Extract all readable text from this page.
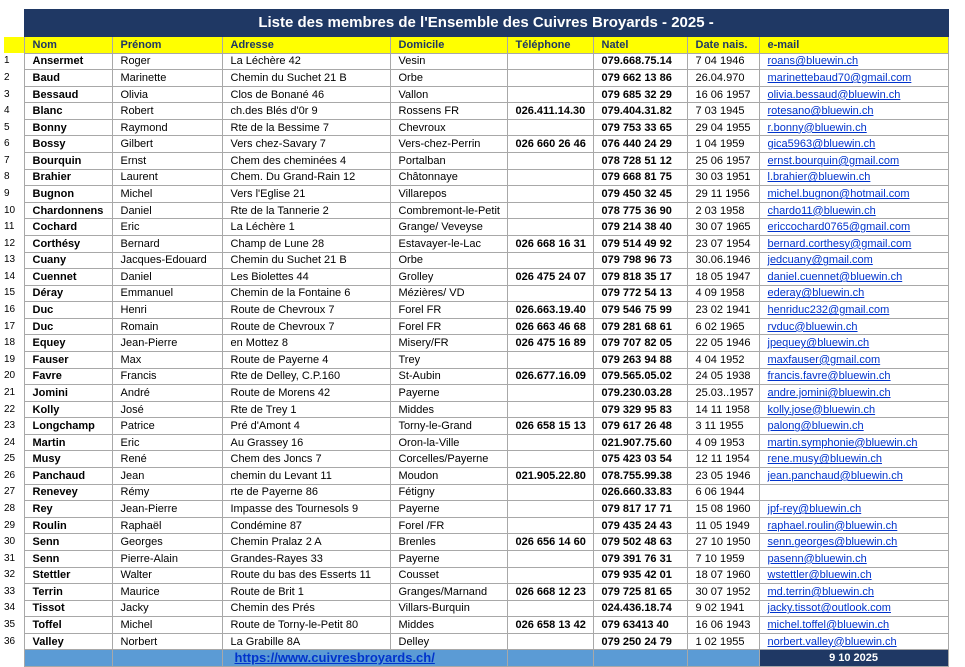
	Liste des membres de l'Ensemble des Cuivres Broyards - 2025 -							
	Nom	Prénom	Adresse	Domicile	Téléphone	Natel	Date nais.	e-mail
1	Ansermet	Roger	La Léchère 42	Vesin		079.668.75.14	7 04 1946	roans@bluewin.ch
2	Baud	Marinette	Chemin du Suchet 21 B	Orbe		079 662 13 86	26.04.970	marinettebaud70@gmail.com
3	Bessaud	Olivia	Clos de Bonané 46	Vallon		079 685 32 29	16 06 1957	olivia.bessaud@bluewin.ch
4	Blanc	Robert	ch.des Blés d'0r 9	Rossens FR	026.411.14.30	079.404.31.82	7 03 1945	rotesano@bluewin.ch
5	Bonny	Raymond	Rte de la Bessime 7	Chevroux		079 753 33 65	29 04 1955	r.bonny@bluewin.ch
6	Bossy	Gilbert	Vers chez-Savary 7	Vers-chez-Perrin	026 660 26 46	076 440 24 29	1 04 1959	gica5963@bluewin.ch
7	Bourquin	Ernst	Chem des cheminées 4	Portalban		078 728 51 12	25 06 1957	ernst.bourquin@gmail.com
8	Brahier	Laurent	Chem. Du Grand-Rain 12	Châtonnaye		079 668 81 75	30 03 1951	l.brahier@bluewin.ch
9	Bugnon	Michel	Vers l'Eglise 21	Villarepos		079 450 32 45	29 11 1956	michel.bugnon@hotmail.com
10	Chardonnens	Daniel	Rte de la Tannerie 2	Combremont-le-Petit		078 775 36 90	2 03 1958	chardo11@bluewin.ch
11	Cochard	Eric	La Léchère 1	Grange/ Veveyse		079 214 38 40	30 07 1965	ericcochard0765@gmail.com
12	Corthésy	Bernard	Champ de Lune 28	Estavayer-le-Lac	026 668 16 31	079 514 49 92	23 07 1954	bernard.corthesy@gmail.com
13	Cuany	Jacques-Edouard	Chemin du Suchet 21 B	Orbe		079 798 96 73	30.06.1946	jedcuany@gmail.com
14	Cuennet	Daniel	Les Biolettes 44	Grolley	026 475 24 07	079 818 35 17	18 05 1947	daniel.cuennet@bluewin.ch
15	Déray	Emmanuel	Chemin de la Fontaine 6	Mézières/ VD		079 772 54 13	4 09 1958	ederay@bluewin.ch
16	Duc	Henri	Route de Chevroux 7	Forel FR	026.663.19.40	079 546 75 99	23 02 1941	henriduc232@gmail.com
17	Duc	Romain	Route de Chevroux 7	Forel FR	026 663 46 68	079 281 68 61	6 02 1965	rvduc@bluewin.ch
18	Equey	Jean-Pierre	en Mottez 8	Misery/FR	026 475 16 89	079 707 82 05	22 05 1946	jpequey@bluewin.ch
19	Fauser	Max	Route de Payerne 4	Trey		079 263 94 88	4 04 1952	maxfauser@gmail.com
20	Favre	Francis	Rte de Delley, C.P.160	St-Aubin	026.677.16.09	079.565.05.02	24 05 1938	francis.favre@bluewin.ch
21	Jomini	André	Route de Morens 42	Payerne		079.230.03.28	25.03..1957	andre.jomini@bluewin.ch
22	Kolly	José	Rte de Trey 1	Middes		079 329 95 83	14 11 1958	kolly.jose@bluewin.ch
23	Longchamp	Patrice	Pré d'Amont 4	Torny-le-Grand	026 658 15 13	079 617 26 48	3 11 1955	palong@bluewin.ch
24	Martin	Eric	Au Grassey 16	Oron-la-Ville		021.907.75.60	4 09 1953	martin.symphonie@bluewin.ch
25	Musy	René	Chem des Joncs 7	Corcelles/Payerne		075 423 03 54	12 11 1954	rene.musy@bluewin.ch
26	Panchaud	Jean	chemin du Levant 11	Moudon	021.905.22.80	078.755.99.38	23 05 1946	jean.panchaud@bluewin.ch
27	Renevey	Rémy	rte de Payerne 86	Fétigny		026.660.33.83	6 06 1944	
28	Rey	Jean-Pierre	Impasse des Tournesols 9	Payerne		079 817 17 71	15 08 1960	jpf-rey@bluewin.ch
29	Roulin	Raphaël	Condémine 87	Forel /FR		079 435 24 43	11 05 1949	raphael.roulin@bluewin.ch
30	Senn	Georges	Chemin Pralaz 2 A	Brenles	026 656 14 60	079 502 48 63	27 10 1950	senn.georges@bluewin.ch
31	Senn	Pierre-Alain	Grandes-Rayes 33	Payerne		079 391 76 31	7 10 1959	pasenn@bluewin.ch
32	Stettler	Walter	Route du bas des Esserts 11	Cousset		079 935 42 01	18 07 1960	wstettler@bluewin.ch
33	Terrin	Maurice	Route de Brit 1	Granges/Marnand	026 668 12 23	079 725 81 65	30 07 1952	md.terrin@bluewin.ch
34	Tissot	Jacky	Chemin des Prés	Villars-Burquin		024.436.18.74	9 02 1941	jacky.tissot@outlook.com
35	Toffel	Michel	Route de Torny-le-Petit 80	Middes	026 658 13 42	079 63413 40	16 06 1943	michel.toffel@bluewin.ch
36	Valley	Norbert	La Grabille 8A	Delley		079 250 24 79	1 02 1955	norbert.valley@bluewin.ch
			https://www.cuivresbroyards.ch/					9 10 2025
